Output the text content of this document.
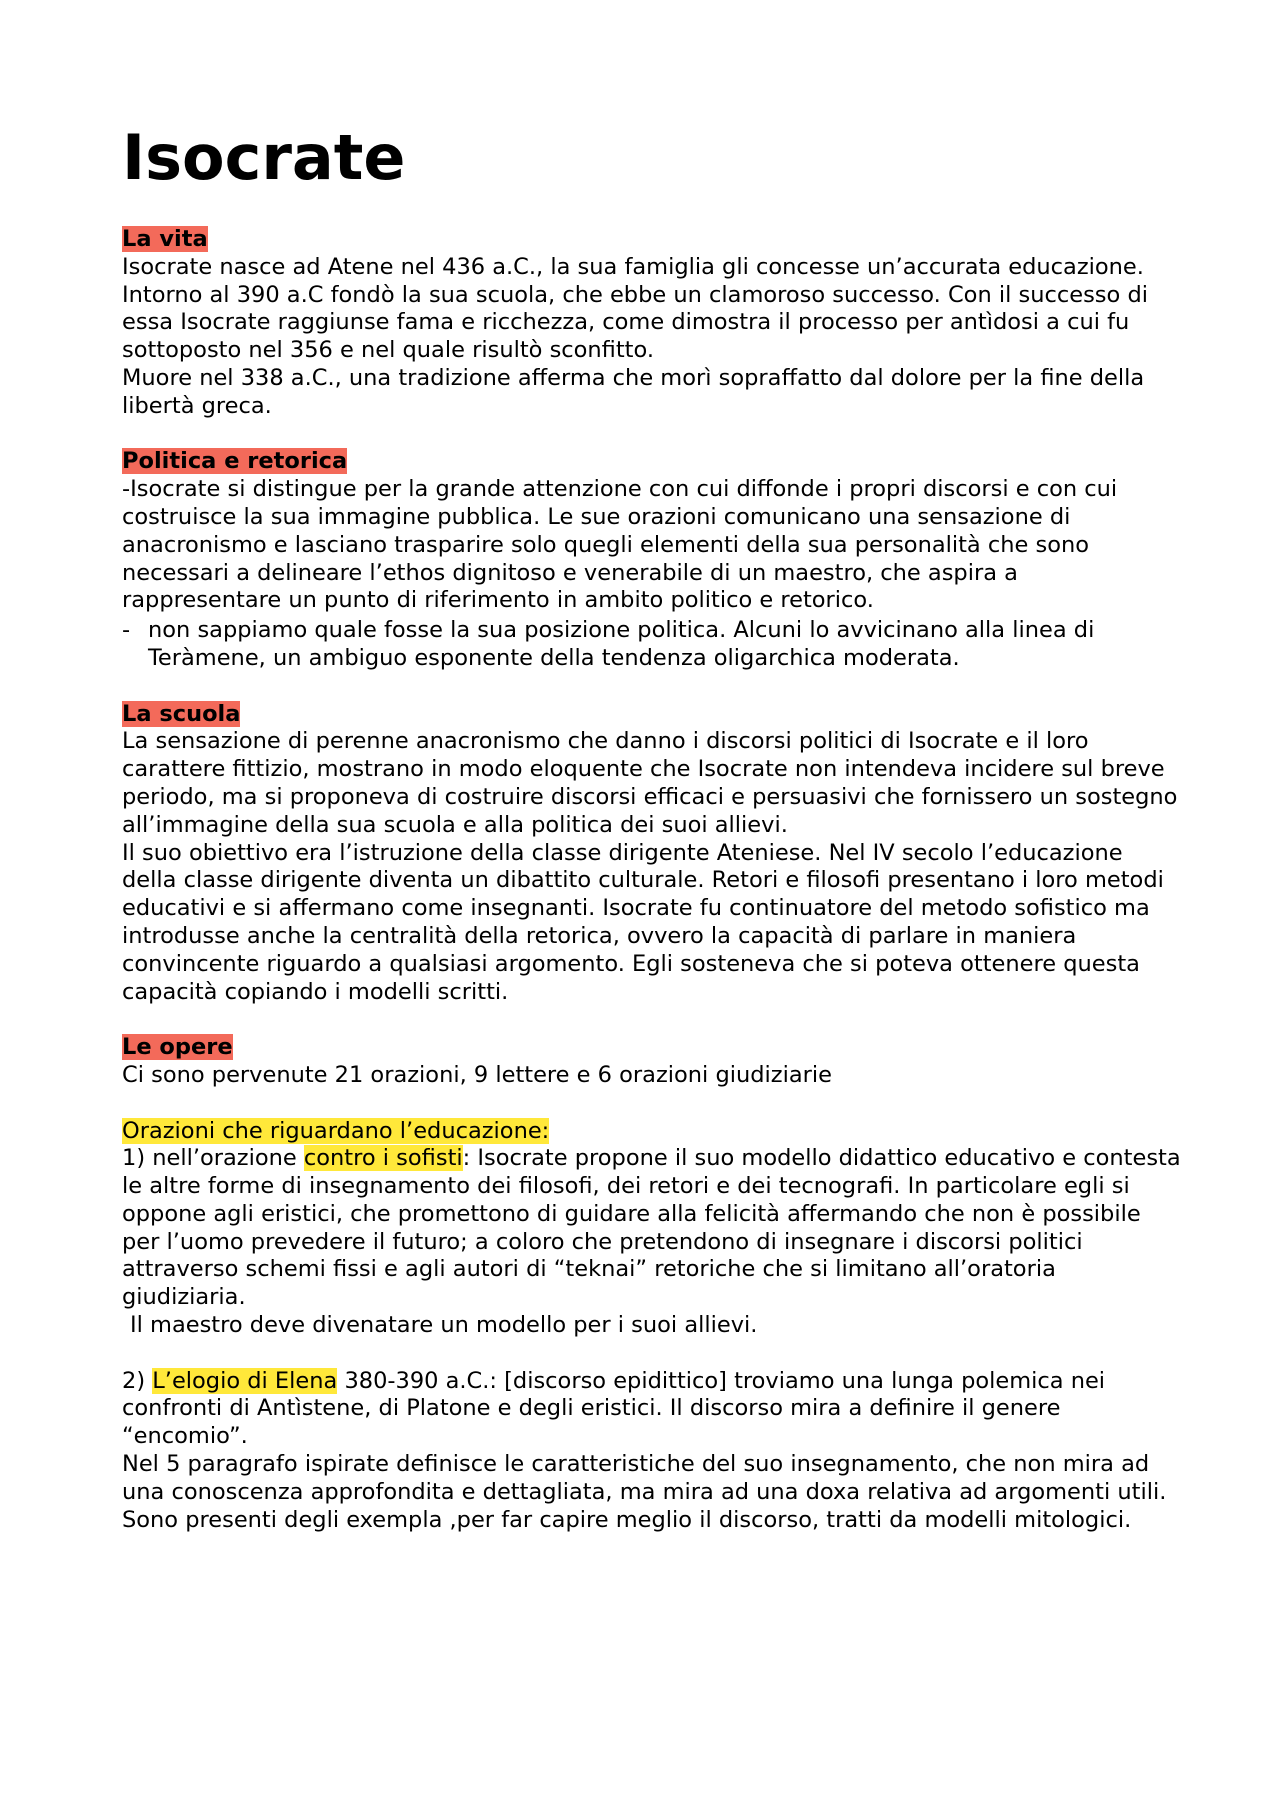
Isocrate
La vita

Isocrate nasce ad Atene nel 436 a.C., la sua famiglia gli concesse un’accurata educazione.

Intorno al 390 a.C fondò la sua scuola, che ebbe un clamoroso successo. Con il successo di essa Isocrate raggiunse fama e ricchezza, come dimostra il processo per antìdosi a cui fu sottoposto nel 356 e nel quale risultò sconfitto.

Muore nel 338 a.C., una tradizione afferma che morì sopraffatto dal dolore per la fine della libertà greca.

Politica e retorica

-Isocrate si distingue per la grande attenzione con cui diffonde i propri discorsi e con cui costruisce la sua immagine pubblica. Le sue orazioni comunicano una sensazione di anacronismo e lasciano trasparire solo quegli elementi della sua personalità che sono necessari a delineare l’ethos dignitoso e venerabile di un maestro, che aspira a rappresentare un punto di riferimento in ambito politico e retorico.

- non sappiamo quale fosse la sua posizione politica. Alcuni lo avvicinano alla linea di Teràmene, un ambiguo esponente della tendenza oligarchica moderata.
La scuola

La sensazione di perenne anacronismo che danno i discorsi politici di Isocrate e il loro carattere fittizio, mostrano in modo eloquente che Isocrate non intendeva incidere sul breve periodo, ma si proponeva di costruire discorsi efficaci e persuasivi che fornissero un sostegno all’immagine della sua scuola e alla politica dei suoi allievi.

Il suo obiettivo era l’istruzione della classe dirigente Ateniese. Nel IV secolo l’educazione della classe dirigente diventa un dibattito culturale. Retori e filosofi presentano i loro metodi educativi e si affermano come insegnanti. Isocrate fu continuatore del metodo sofistico ma introdusse anche la centralità della retorica, ovvero la capacità di parlare in maniera convincente riguardo a qualsiasi argomento. Egli sosteneva che si poteva ottenere questa capacità copiando i modelli scritti.

Le opere

Ci sono pervenute 21 orazioni, 9 lettere e 6 orazioni giudiziarie

Orazioni che riguardano l’educazione:

1) nell’orazione contro i sofisti: Isocrate propone il suo modello didattico educativo e contesta le altre forme di insegnamento dei filosofi, dei retori e dei tecnografi. In particolare egli si oppone agli eristici, che promettono di guidare alla felicità affermando che non è possibile per l’uomo prevedere il futuro; a coloro che pretendono di insegnare i discorsi politici attraverso schemi fissi e agli autori di “teknai” retoriche che si limitano all’oratoria giudiziaria.

Il maestro deve divenatare un modello per i suoi allievi.

2) L’elogio di Elena 380-390 a.C.: [discorso epidittico] troviamo una lunga polemica nei confronti di Antìstene, di Platone e degli eristici. Il discorso mira a definire il genere “encomio”.

Nel 5 paragrafo ispirate definisce le caratteristiche del suo insegnamento, che non mira ad una conoscenza approfondita e dettagliata, ma mira ad una doxa relativa ad argomenti utili.

Sono presenti degli exempla ,per far capire meglio il discorso, tratti da modelli mitologici.
